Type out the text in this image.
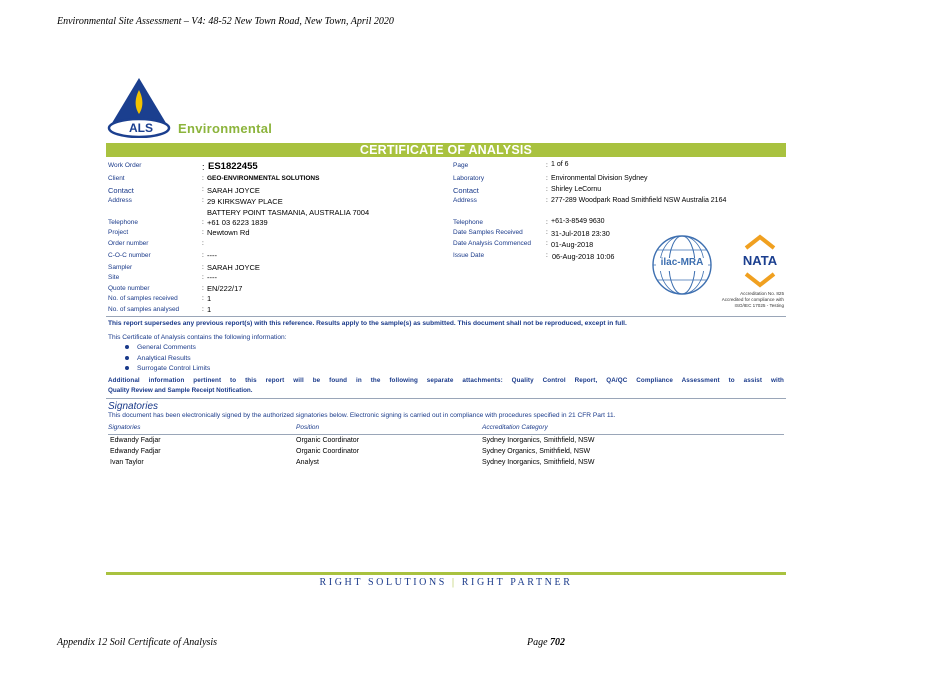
Environmental Site Assessment – V4: 48-52 New Town Road, New Town, April 2020
ALS	Environmental
CERTIFICATE OF ANALYSIS
Work Order	: ES1822455
Client	: GEO-ENVIRONMENTAL SOLUTIONS
Contact	: SARAH JOYCE
Address	: 29 KIRKSWAY PLACE
BATTERY POINT TASMANIA, AUSTRALIA 7004
Telephone	: +61 03 6223 1839
Project	: Newtown Rd
Order number	:
C-O-C number	: ----
Sampler	: SARAH JOYCE
Site	: ----
Quote number	: EN/222/17
No. of samples received	: 1
No. of samples analysed	: 1
Page	: 1 of 6
Laboratory	: Environmental Division Sydney
Contact	: Shirley LeCornu
Address	: 277-289 Woodpark Road Smithfield NSW Australia 2164
Telephone	: +61-3-8549 9630
Date Samples Received	: 31-Jul-2018 23:30
Date Analysis Commenced : 01-Aug-2018
Issue Date	: 06-Aug-2018 10:06
ilac-MRA	NATA
Accreditation No. 825
Accredited for compliance with
ISO/IEC 17025 - Testing
This report supersedes any previous report(s) with this reference. Results apply to the sample(s) as submitted. This document shall not be reproduced, except in full.
This Certificate of Analysis contains the following information:
General Comments
Analytical Results
Surrogate Control Limits
Additional information pertinent to this report will be found in the following separate attachments: Quality Control Report, QA/QC Compliance Assessment to assist with
Quality Review and Sample Receipt Notification.
Signatories
This document has been electronically signed by the authorized signatories below. Electronic signing is carried out in compliance with procedures specified in 21 CFR Part 11.
Signatories	Position	Accreditation Category
Edwandy Fadjar	Organic Coordinator	Sydney Inorganics, Smithfield, NSW
Edwandy Fadjar	Organic Coordinator	Sydney Organics, Smithfield, NSW
Ivan Taylor	Analyst	Sydney Inorganics, Smithfield, NSW
RIGHT SOLUTIONS | RIGHT PARTNER
Appendix 12 Soil Certificate of Analysis	Page 702
